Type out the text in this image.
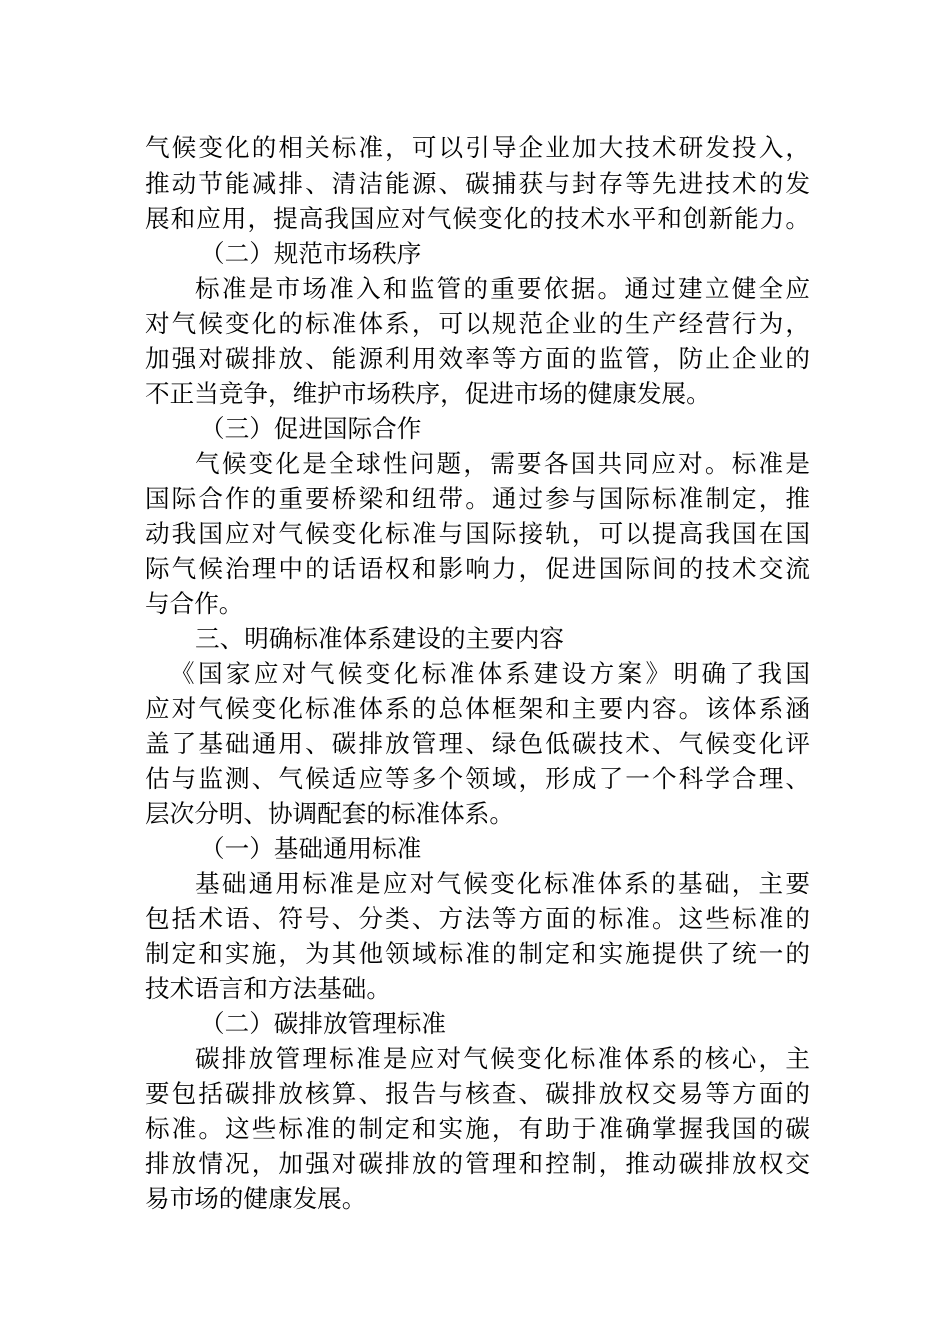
气候变化的相关标准，可以引导企业加大技术研发投入，
推动节能减排、清洁能源、碳捕获与封存等先进技术的发
展和应用，提高我国应对气候变化的技术水平和创新能力。
（二）规范市场秩序
标准是市场准入和监管的重要依据。通过建立健全应
对气候变化的标准体系，可以规范企业的生产经营行为，
加强对碳排放、能源利用效率等方面的监管，防止企业的
不正当竞争，维护市场秩序，促进市场的健康发展。
（三）促进国际合作
气候变化是全球性问题，需要各国共同应对。标准是
国际合作的重要桥梁和纽带。通过参与国际标准制定，推
动我国应对气候变化标准与国际接轨，可以提高我国在国
际气候治理中的话语权和影响力，促进国际间的技术交流
与合作。
三、明确标准体系建设的主要内容
《国家应对气候变化标准体系建设方案》明确了我国
应对气候变化标准体系的总体框架和主要内容。该体系涵
盖了基础通用、碳排放管理、绿色低碳技术、气候变化评
估与监测、气候适应等多个领域，形成了一个科学合理、
层次分明、协调配套的标准体系。
（一）基础通用标准
基础通用标准是应对气候变化标准体系的基础，主要
包括术语、符号、分类、方法等方面的标准。这些标准的
制定和实施，为其他领域标准的制定和实施提供了统一的
技术语言和方法基础。
（二）碳排放管理标准
碳排放管理标准是应对气候变化标准体系的核心，主
要包括碳排放核算、报告与核查、碳排放权交易等方面的
标准。这些标准的制定和实施，有助于准确掌握我国的碳
排放情况，加强对碳排放的管理和控制，推动碳排放权交
易市场的健康发展。
